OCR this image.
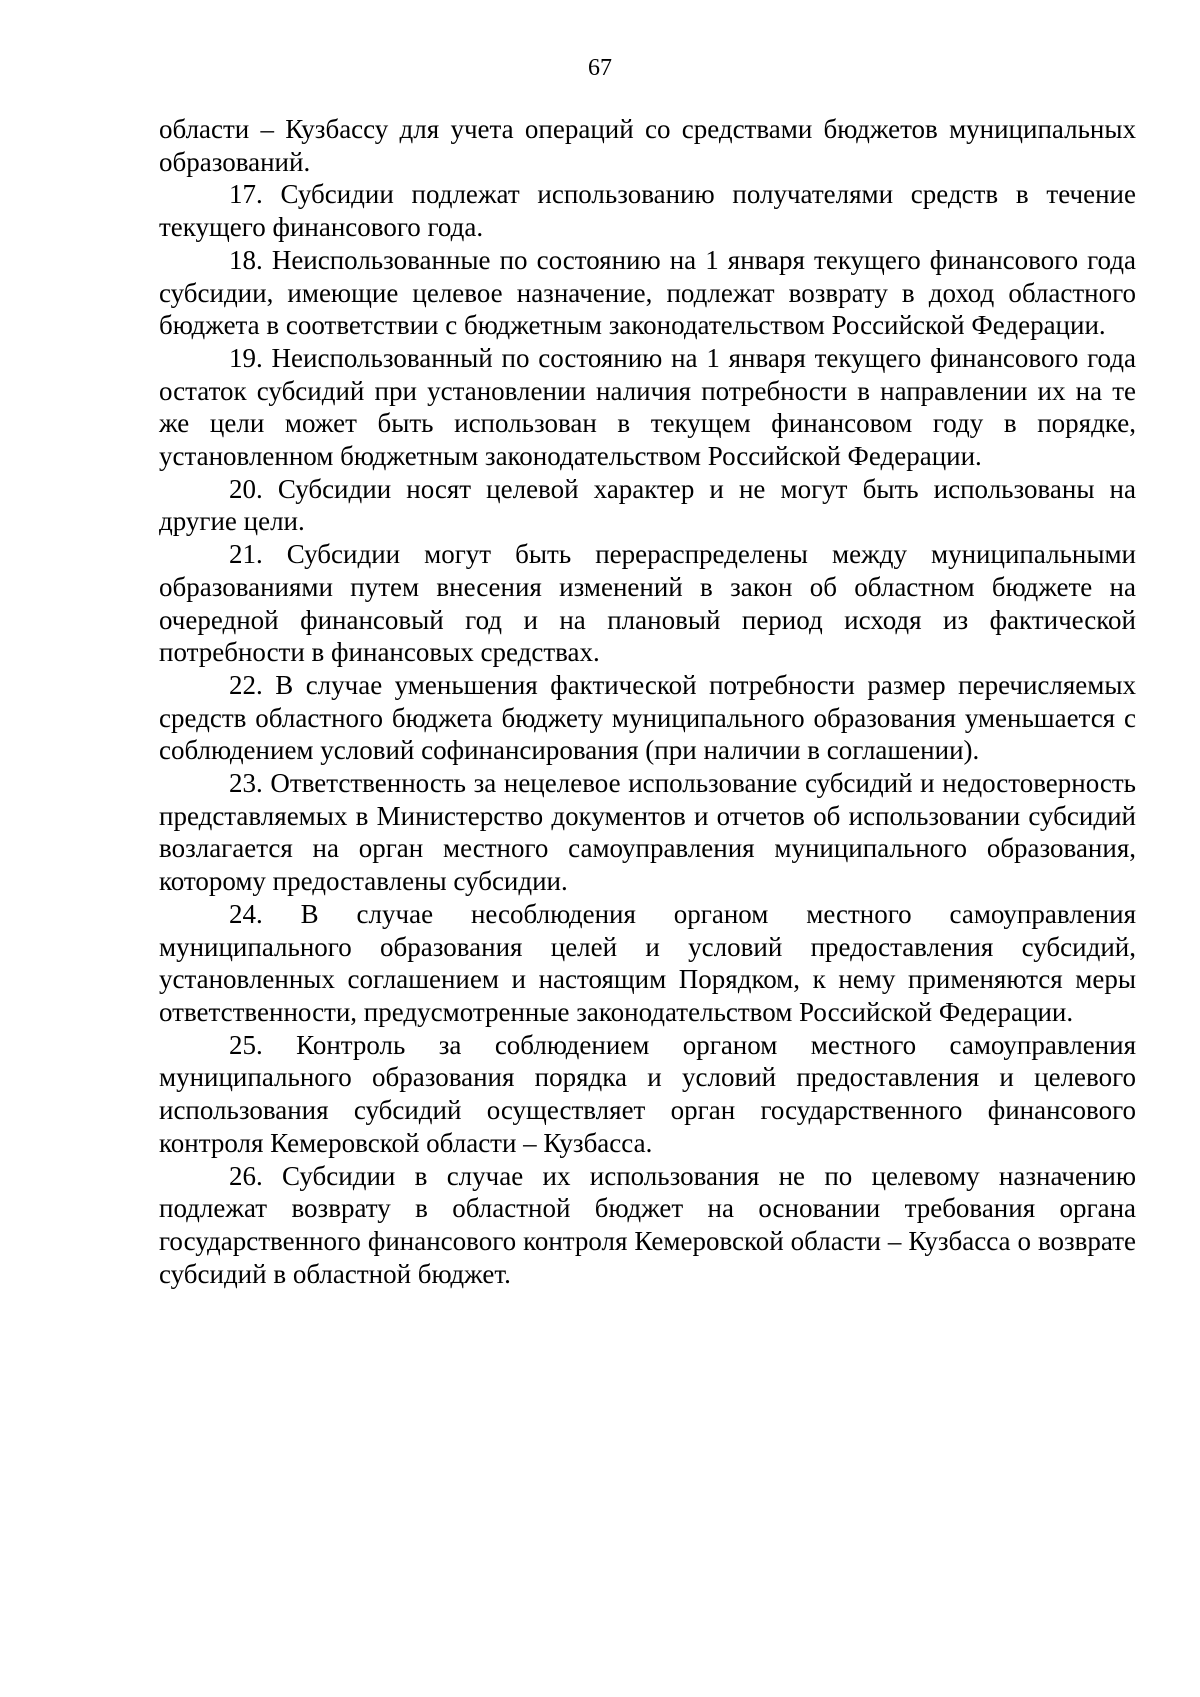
67

области – Кузбассу для учета операций со средствами бюджетов муниципальных образований.

17. Субсидии подлежат использованию получателями средств в течение текущего финансового года.

18. Неиспользованные по состоянию на 1 января текущего финансового года субсидии, имеющие целевое назначение, подлежат возврату в доход областного бюджета в соответствии с бюджетным законодательством Российской Федерации.

19. Неиспользованный по состоянию на 1 января текущего финансового года остаток субсидий при установлении наличия потребности в направлении их на те же цели может быть использован в текущем финансовом году в порядке, установленном бюджетным законодательством Российской Федерации.

20. Субсидии носят целевой характер и не могут быть использованы на другие цели.

21. Субсидии могут быть перераспределены между муниципальными образованиями путем внесения изменений в закон об областном бюджете на очередной финансовый год и на плановый период исходя из фактической потребности в финансовых средствах.

22. В случае уменьшения фактической потребности размер перечисляемых средств областного бюджета бюджету муниципального образования уменьшается с соблюдением условий софинансирования (при наличии в соглашении).

23. Ответственность за нецелевое использование субсидий и недостоверность представляемых в Министерство документов и отчетов об использовании субсидий возлагается на орган местного самоуправления муниципального образования, которому предоставлены субсидии.

24. В случае несоблюдения органом местного самоуправления муниципального образования целей и условий предоставления субсидий, установленных соглашением и настоящим Порядком, к нему применяются меры ответственности, предусмотренные законодательством Российской Федерации.

25. Контроль за соблюдением органом местного самоуправления муниципального образования порядка и условий предоставления и целевого использования субсидий осуществляет орган государственного финансового контроля Кемеровской области – Кузбасса.

26. Субсидии в случае их использования не по целевому назначению подлежат возврату в областной бюджет на основании требования органа государственного финансового контроля Кемеровской области – Кузбасса о возврате субсидий в областной бюджет.
